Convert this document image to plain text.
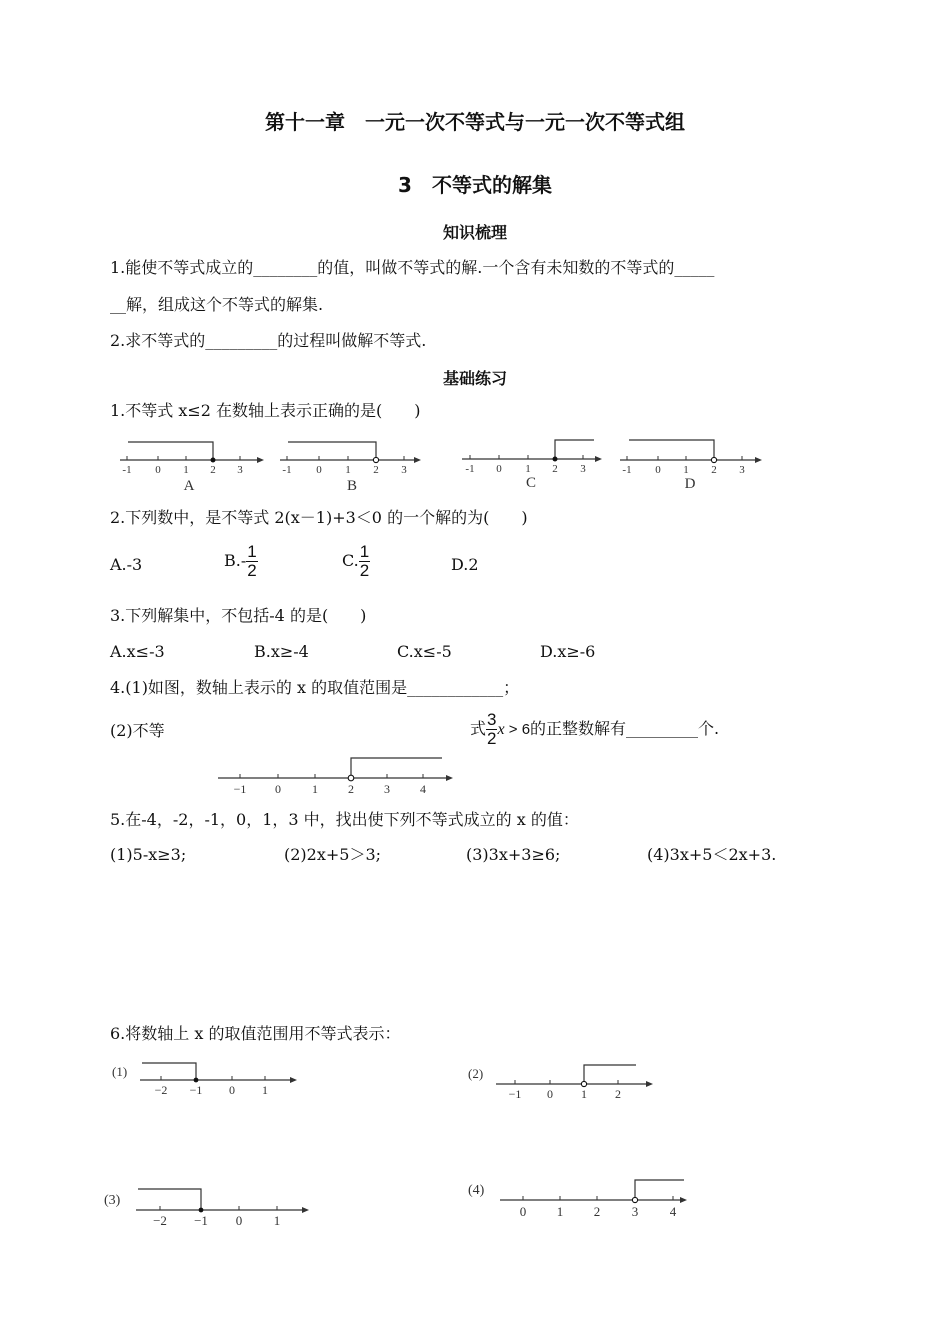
第十一章　一元一次不等式与一元一次不等式组
3　不等式的解集
知识梳理
1.能使不等式成立的________的值，叫做不等式的解.一个含有未知数的不等式的_____
__解，组成这个不等式的解集.
2.求不等式的_________的过程叫做解不等式.
基础练习
1.不等式 x≤2 在数轴上表示正确的是(　　)
-1 0 1 2 3
A
-1 0 1 2 3
B
-1 0 1 2 3
C
-1 0 1 2 3
D
2.下列数中，是不等式 2(x－1)+3＜0 的一个解的为(　　)
A.-3	$B.- \frac{1}{2}$	C. $\frac{1}{2}$	D.2
3.下列解集中，不包括-4 的是(　　)
A.x≤-3	B.x≥-4	C.x≤-5	D.x≥-6
4.(1)如图，数轴上表示的 x 的取值范围是____________；
(2)不等	式 $\frac{3}{2}$ x > 6的正整数解有_________个.
−1 0	1	2	3	4
5.在-4，-2，-1，0，1，3 中，找出使下列不等式成立的 x 的值：
(1)5-x≥3;	(2)2x+5＞3;	(3)3x+3≥6;	(4)3x+5＜2x+3.
6.将数轴上 x 的取值范围用不等式表示：
(1)
−2 −1 0 1
(2)
−1 0 1 2
(3)
−2 −1 0 1
(4)
0 1 2 3 4
